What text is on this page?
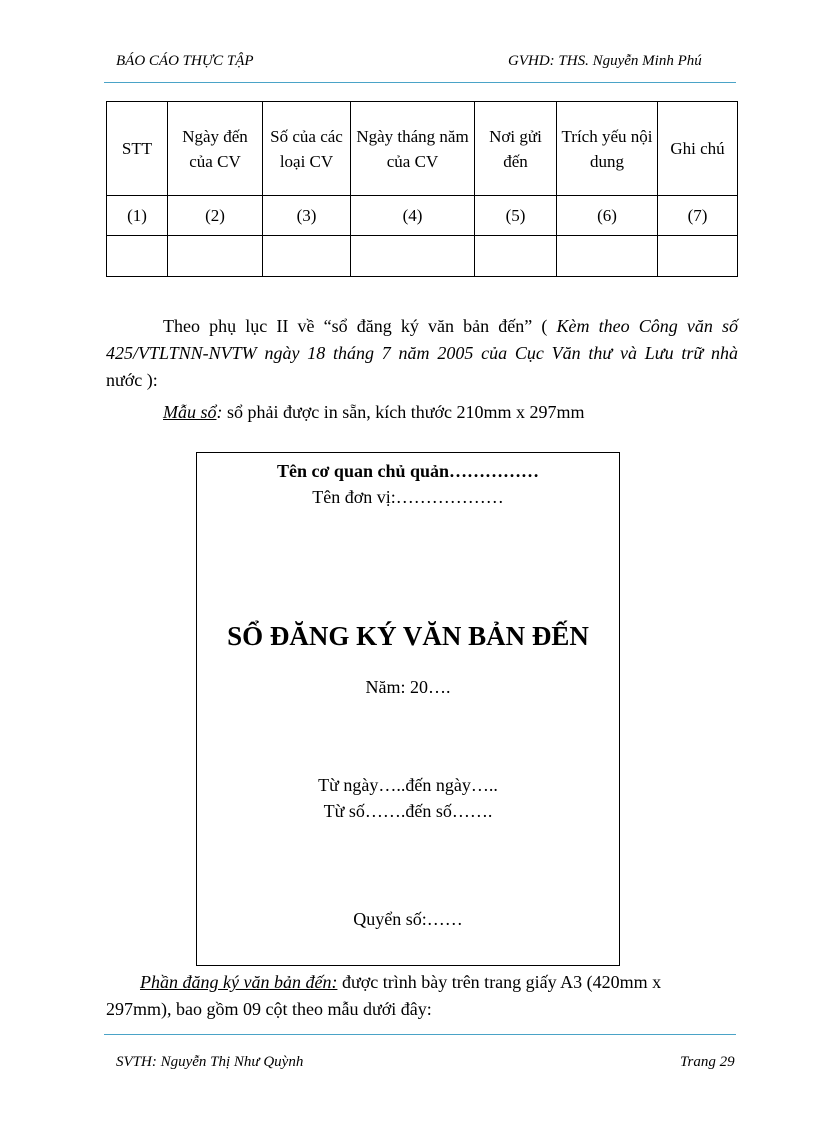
BÁO CÁO THỰC TẬP	GVHD: THS. Nguyễn Minh Phú
STT	Ngày đến của CV	Số của các loại CV	Ngày tháng năm của CV	Nơi gửi đến	Trích yếu nội dung	Ghi chú
(1)	(2)	(3)	(4)	(5)	(6)	(7)

Theo phụ lục II về “sổ đăng ký văn bản đến” ( Kèm theo Công văn số
425/VTLTNN-NVTW ngày 18 tháng 7 năm 2005 của Cục Văn thư và Lưu trữ nhà
nước ):
Mẫu sổ: sổ phải được in sẵn, kích thước 210mm x 297mm
Tên cơ quan chủ quản……………
Tên đơn vị:………………
SỔ ĐĂNG KÝ VĂN BẢN ĐẾN
Năm: 20….
Từ ngày…..đến ngày…..
Từ số…….đến số…….
Quyển số:……
Phần đăng ký văn bản đến: được trình bày trên trang giấy A3 (420mm x
297mm), bao gồm 09 cột theo mẫu dưới đây:
SVTH: Nguyễn Thị Như Quỳnh	Trang 29
